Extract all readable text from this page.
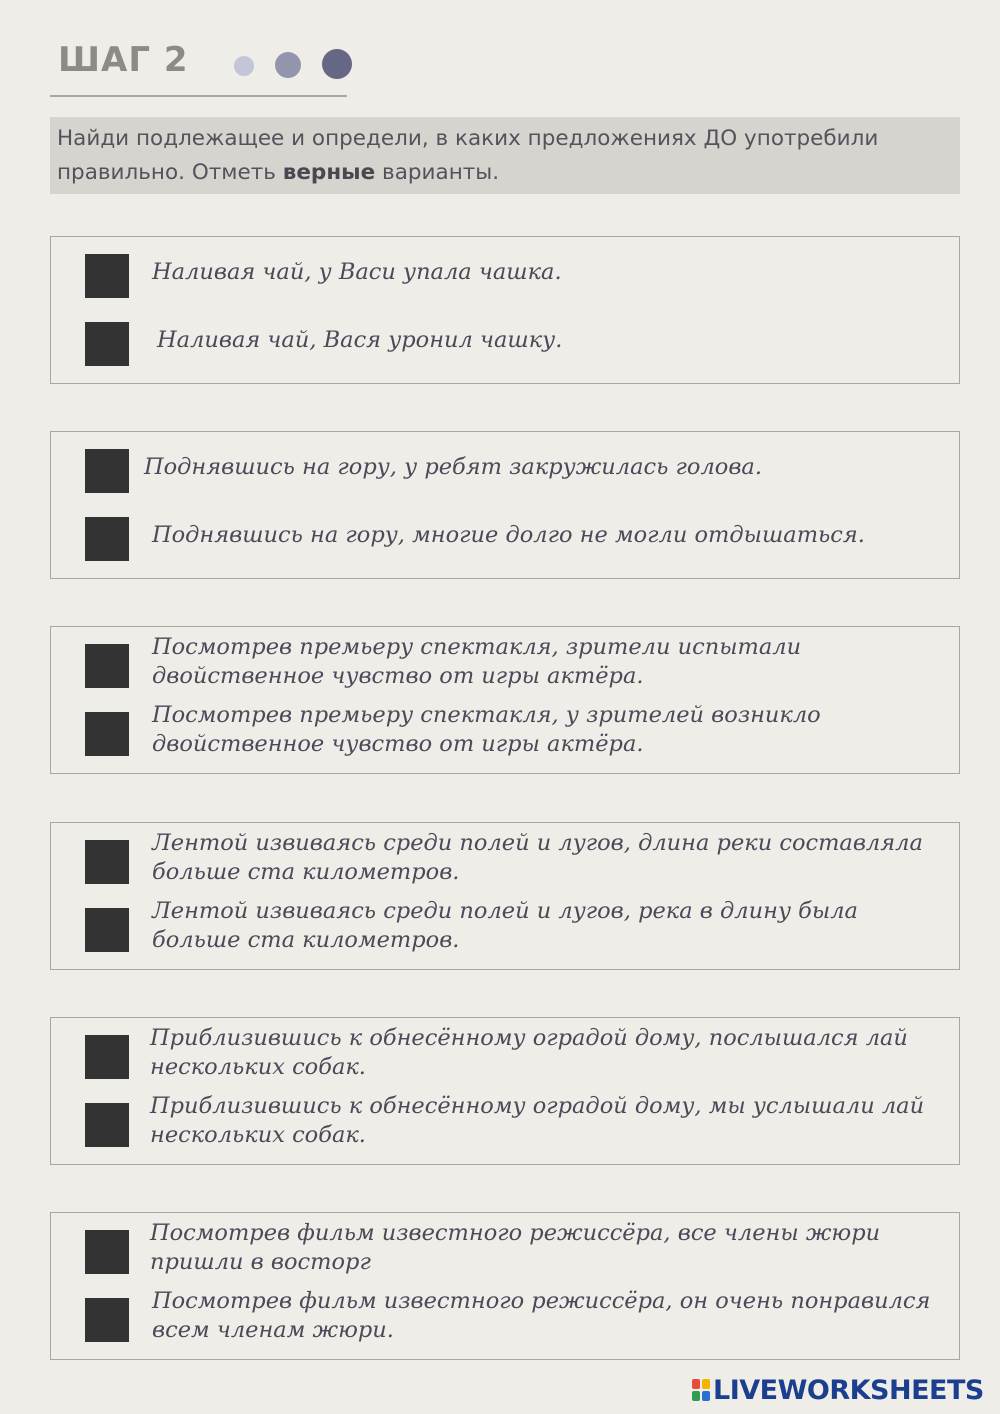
ШАГ 2
Найди подлежащее и определи, в каких предложениях ДО употребили правильно. Отметь верные варианты.
Наливая чай, у Васи упала чашка.
Наливая чай, Вася уронил чашку.
Поднявшись на гору, у ребят закружилась голова.
Поднявшись на гору, многие долго не могли отдышаться.
Посмотрев премьеру спектакля, зрители испытали двойственное чувство от игры актёра.
Посмотрев премьеру спектакля, у зрителей возникло двойственное чувство от игры актёра.
Лентой извиваясь среди полей и лугов, длина реки составляла больше ста километров.
Лентой извиваясь среди полей и лугов, река в длину была больше ста километров.
Приблизившись к обнесённому оградой дому, послышался лай нескольких собак.
Приблизившись к обнесённому оградой дому, мы услышали лай нескольких собак.
Посмотрев фильм известного режиссёра, все члены жюри пришли в восторг
Посмотрев фильм известного режиссёра, он очень понравился всем членам жюри.
LIVEWORKSHEETS
